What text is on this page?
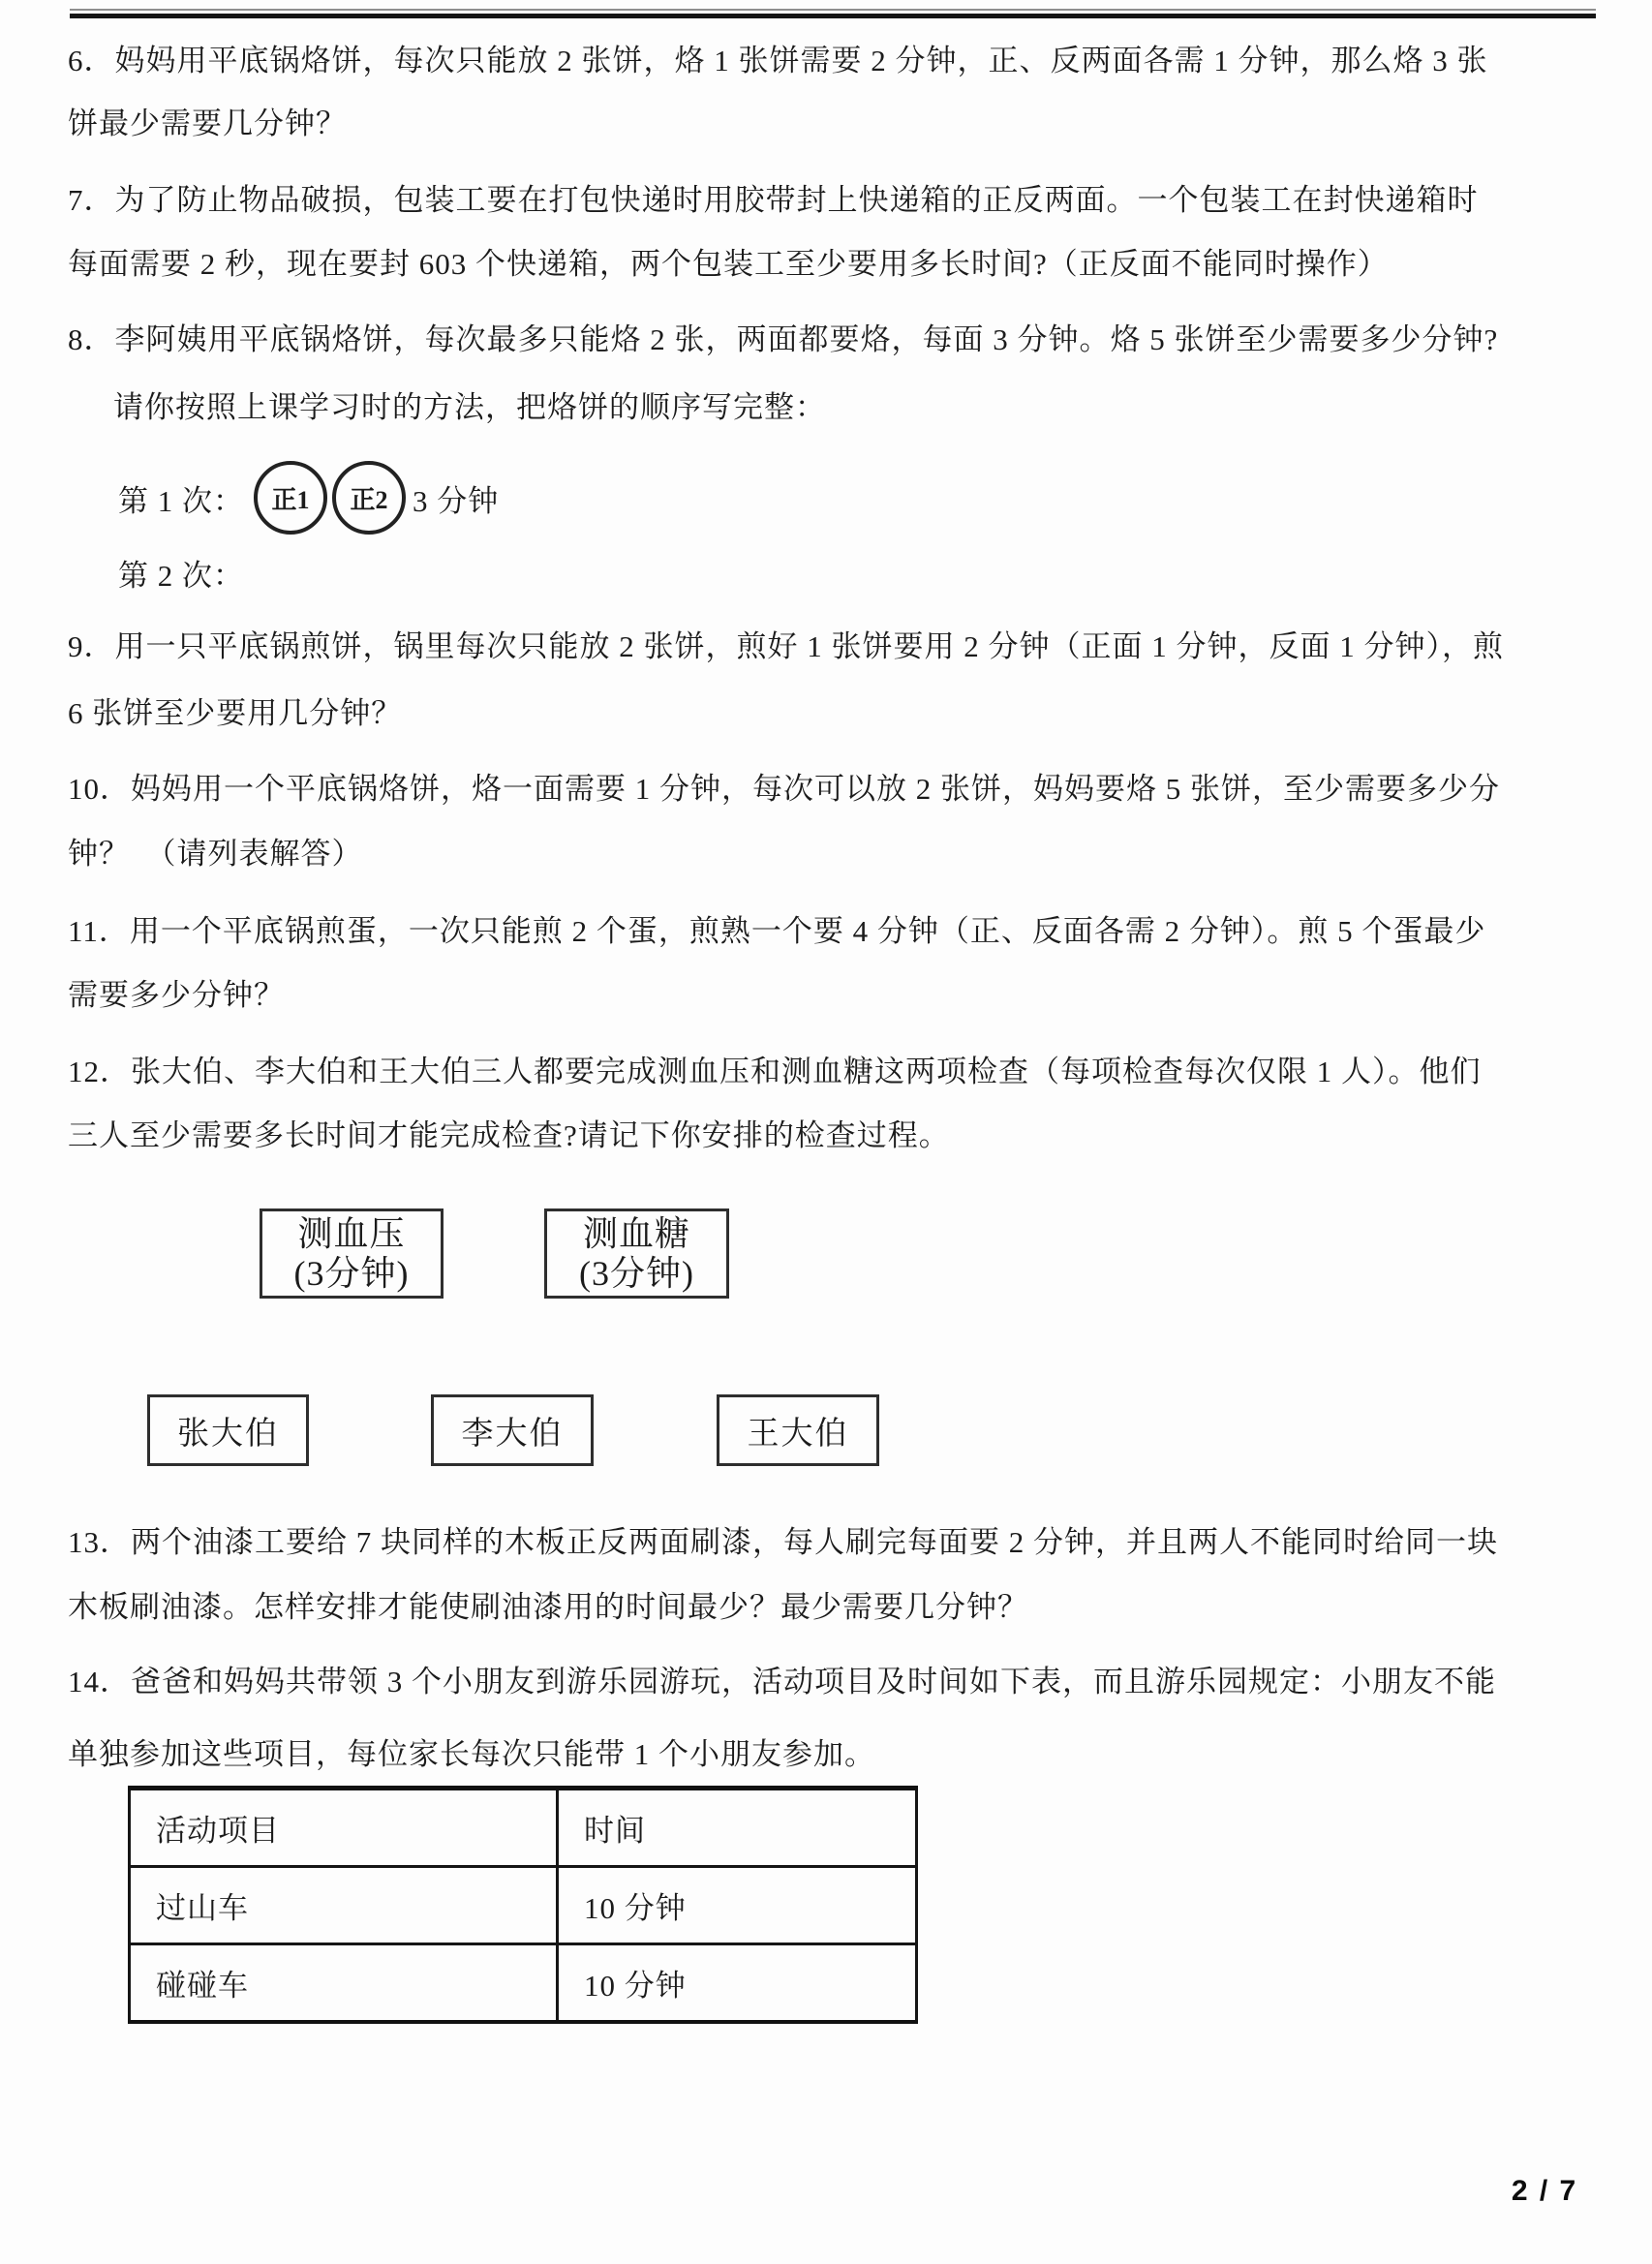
6．妈妈用平底锅烙饼，每次只能放 2 张饼，烙 1 张饼需要 2 分钟，正、反两面各需 1 分钟，那么烙 3 张
饼最少需要几分钟？
7．为了防止物品破损，包装工要在打包快递时用胶带封上快递箱的正反两面。一个包装工在封快递箱时
每面需要 2 秒，现在要封 603 个快递箱，两个包装工至少要用多长时间?（正反面不能同时操作）
8．李阿姨用平底锅烙饼，每次最多只能烙 2 张，两面都要烙，每面 3 分钟。烙 5 张饼至少需要多少分钟?
请你按照上课学习时的方法，把烙饼的顺序写完整：
第 1 次： 正1 正2 3 分钟
第 2 次：
9．用一只平底锅煎饼，锅里每次只能放 2 张饼，煎好 1 张饼要用 2 分钟（正面 1 分钟，反面 1 分钟），煎
6 张饼至少要用几分钟？
10．妈妈用一个平底锅烙饼，烙一面需要 1 分钟，每次可以放 2 张饼，妈妈要烙 5 张饼，至少需要多少分
钟？　（请列表解答）
11．用一个平底锅煎蛋，一次只能煎 2 个蛋，煎熟一个要 4 分钟（正、反面各需 2 分钟）。煎 5 个蛋最少
需要多少分钟？
12．张大伯、李大伯和王大伯三人都要完成测血压和测血糖这两项检查（每项检查每次仅限 1 人）。他们
三人至少需要多长时间才能完成检查?请记下你安排的检查过程。
测血压
(3分钟)
测血糖
(3分钟)
张大伯	李大伯	王大伯
13．两个油漆工要给 7 块同样的木板正反两面刷漆，每人刷完每面要 2 分钟，并且两人不能同时给同一块
木板刷油漆。怎样安排才能使刷油漆用的时间最少？最少需要几分钟？
14．爸爸和妈妈共带领 3 个小朋友到游乐园游玩，活动项目及时间如下表，而且游乐园规定：小朋友不能
单独参加这些项目，每位家长每次只能带 1 个小朋友参加。
活动项目	时间
过山车	10 分钟
碰碰车	10 分钟
2 / 7
